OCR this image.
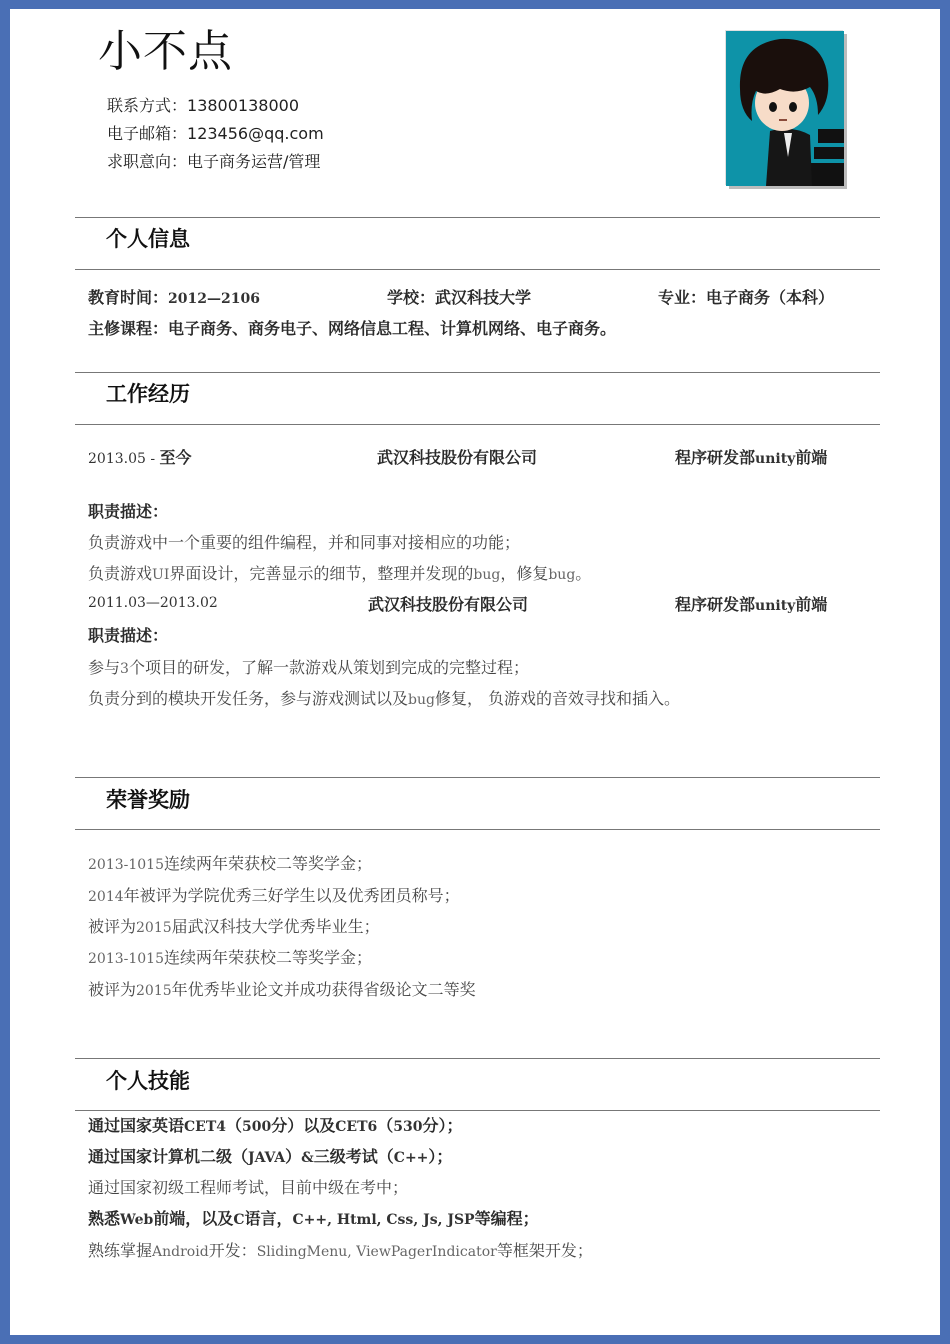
小不点
联系方式：13800138000
电子邮箱：123456@qq.com
求职意向：电子商务运营/管理
个人信息
教育时间：2012—2106	学校：武汉科技大学	专业：电子商务（本科）
主修课程：电子商务、商务电子、网络信息工程、计算机网络、电子商务。
工作经历
2013.05 - 至今	武汉科技股份有限公司	程序研发部unity前端
职责描述：
负责游戏中一个重要的组件编程，并和同事对接相应的功能；
负责游戏UI界面设计，完善显示的细节，整理并发现的bug，修复bug。
2011.03—2013.02	武汉科技股份有限公司	程序研发部unity前端
职责描述：
参与3个项目的研发，了解一款游戏从策划到完成的完整过程；
负责分到的模块开发任务，参与游戏测试以及bug修复， 负游戏的音效寻找和插入。
荣誉奖励
2013-1015连续两年荣获校二等奖学金；
2014年被评为学院优秀三好学生以及优秀团员称号；
被评为2015届武汉科技大学优秀毕业生；
2013-1015连续两年荣获校二等奖学金；
被评为2015年优秀毕业论文并成功获得省级论文二等奖
个人技能
通过国家英语CET4（500分）以及CET6（530分）；
通过国家计算机二级（JAVA）&三级考试（C++）；
通过国家初级工程师考试，目前中级在考中；
熟悉Web前端，以及C语言，C++, Html, Css, Js, JSP等编程；
熟练掌握Android开发：SlidingMenu, ViewPagerIndicator等框架开发；
